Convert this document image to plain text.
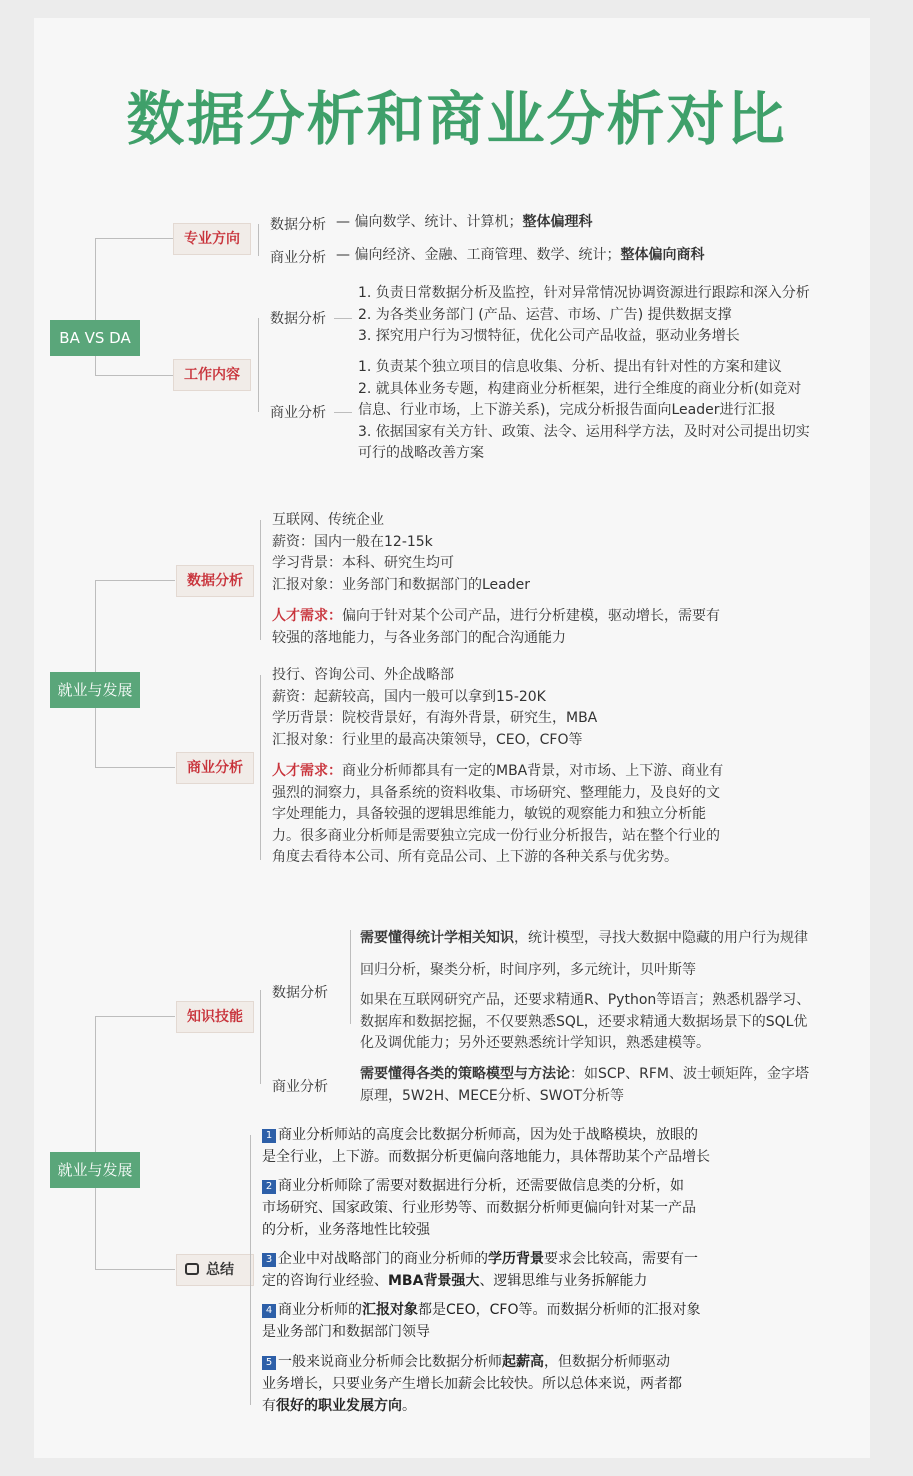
数据分析和商业分析对比
BA VS DA
专业方向
数据分析 — 偏向数学、统计、计算机；整体偏理科
商业分析 — 偏向经济、金融、工商管理、数学、统计；整体偏向商科
工作内容
数据分析
1. 负责日常数据分析及监控，针对异常情况协调资源进行跟踪和深入分析
2. 为各类业务部门 (产品、运营、市场、广告) 提供数据支撑
3. 探究用户行为习惯特征，优化公司产品收益，驱动业务增长
商业分析
1. 负责某个独立项目的信息收集、分析、提出有针对性的方案和建议
2. 就具体业务专题，构建商业分析框架，进行全维度的商业分析(如竞对
信息、行业市场，上下游关系)，完成分析报告面向Leader进行汇报
3. 依据国家有关方针、政策、法令、运用科学方法，及时对公司提出切实
可行的战略改善方案
就业与发展
数据分析
互联网、传统企业
薪资：国内一般在12-15k
学习背景：本科、研究生均可
汇报对象：业务部门和数据部门的Leader
人才需求：偏向于针对某个公司产品，进行分析建模，驱动增长，需要有
较强的落地能力，与各业务部门的配合沟通能力
商业分析
投行、咨询公司、外企战略部
薪资：起薪较高，国内一般可以拿到15-20K
学历背景：院校背景好，有海外背景，研究生，MBA
汇报对象：行业里的最高决策领导，CEO，CFO等
人才需求：商业分析师都具有一定的MBA背景，对市场、上下游、商业有
强烈的洞察力，具备系统的资料收集、市场研究、整理能力，及良好的文
字处理能力，具备较强的逻辑思维能力，敏锐的观察能力和独立分析能
力。很多商业分析师是需要独立完成一份行业分析报告，站在整个行业的
角度去看待本公司、所有竞品公司、上下游的各种关系与优劣势。
就业与发展
知识技能
数据分析
需要懂得统计学相关知识，统计模型，寻找大数据中隐藏的用户行为规律
回归分析，聚类分析，时间序列，多元统计，贝叶斯等
如果在互联网研究产品，还要求精通R、Python等语言；熟悉机器学习、
数据库和数据挖掘，不仅要熟悉SQL，还要求精通大数据场景下的SQL优
化及调优能力；另外还要熟悉统计学知识，熟悉建模等。
商业分析
需要懂得各类的策略模型与方法论：如SCP、RFM、波士顿矩阵，金字塔
原理，5W2H、MECE分析、SWOT分析等
总结
1 商业分析师站的高度会比数据分析师高，因为处于战略模块，放眼的
是全行业，上下游。而数据分析更偏向落地能力，具体帮助某个产品增长
2 商业分析师除了需要对数据进行分析，还需要做信息类的分析，如
市场研究、国家政策、行业形势等、而数据分析师更偏向针对某一产品
的分析，业务落地性比较强
3 企业中对战略部门的商业分析师的学历背景要求会比较高，需要有一
定的咨询行业经验、MBA背景强大、逻辑思维与业务拆解能力
4 商业分析师的汇报对象都是CEO，CFO等。而数据分析师的汇报对象
是业务部门和数据部门领导
5 一般来说商业分析师会比数据分析师起薪高，但数据分析师驱动
业务增长，只要业务产生增长加薪会比较快。所以总体来说，两者都
有很好的职业发展方向。
